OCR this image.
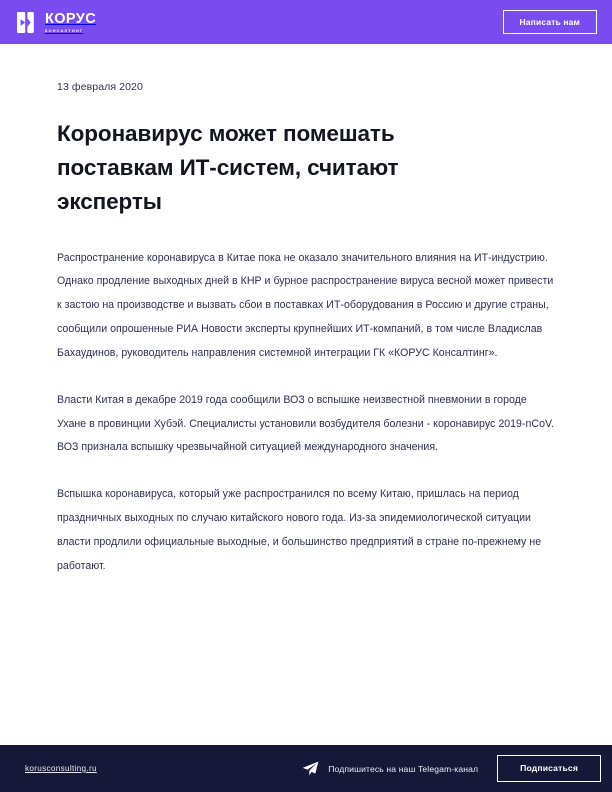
КОРУС
КОНСАЛТИНГ
Написать нам
13 февраля 2020
Коронавирус может помешать поставкам ИТ-систем, считают эксперты

Распространение коронавируса в Китае пока не оказало значительного влияния на ИТ-индустрию. Однако продление выходных дней в КНР и бурное распространение вируса весной может привести к застою на производстве и вызвать сбои в поставках ИТ-оборудования в Россию и другие страны, сообщили опрошенные РИА Новости эксперты крупнейших ИТ-компаний, в том числе Владислав Бахаудинов, руководитель направления системной интеграции ГК «КОРУС Консалтинг».

Власти Китая в декабре 2019 года сообщили ВОЗ о вспышке неизвестной пневмонии в городе Ухане в провинции Хубэй. Специалисты установили возбудителя болезни - коронавирус 2019-nCoV. ВОЗ признала вспышку чрезвычайной ситуацией международного значения.

Вспышка коронавируса, который уже распространился по всему Китаю, пришлась на период праздничных выходных по случаю китайского нового года. Из-за эпидемиологической ситуации власти продлили официальные выходные, и большинство предприятий в стране по-прежнему не работают.

korusconsulting.ru	Подпишитесь на наш Telegam-канал	Подписаться
